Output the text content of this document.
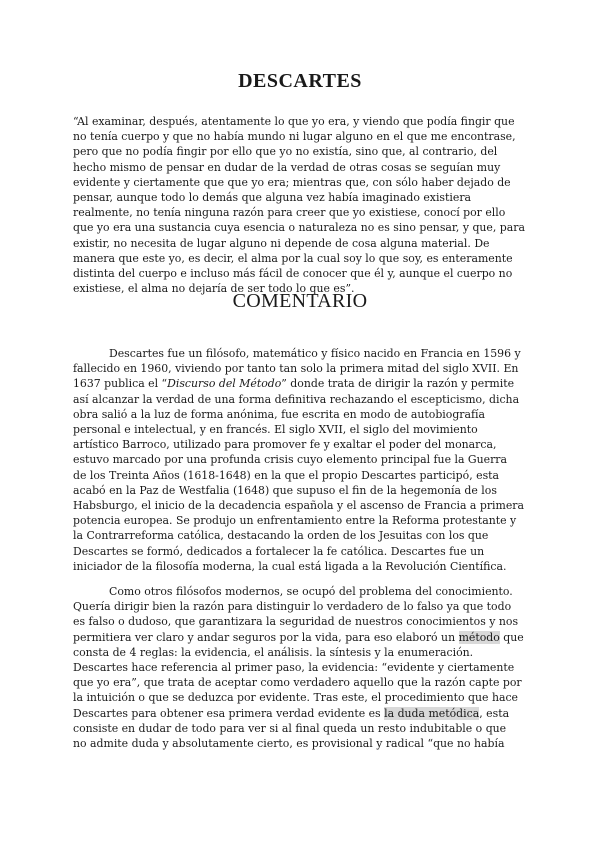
DESCARTES
“Al examinar, después, atentamente lo que yo era, y viendo que podía fingir que
no tenía cuerpo y que no había mundo ni lugar alguno en el que me encontrase,
pero que no podía fingir por ello que yo no existía, sino que, al contrario, del
hecho mismo de pensar en dudar de la verdad de otras cosas se seguían muy
evidente y ciertamente que que yo era; mientras que, con sólo haber dejado de
pensar, aunque todo lo demás que alguna vez había imaginado existiera
realmente, no tenía ninguna razón para creer que yo existiese, conocí por ello
que yo era una sustancia cuya esencia o naturaleza no es sino pensar, y que, para
existir, no necesita de lugar alguno ni depende de cosa alguna material. De
manera que este yo, es decir, el alma por la cual soy lo que soy, es enteramente
distinta del cuerpo e incluso más fácil de conocer que él y, aunque el cuerpo no
existiese, el alma no dejaría de ser todo lo que es”.
COMENTARIO
Descartes fue un filósofo, matemático y físico nacido en Francia en 1596 y
fallecido en 1960, viviendo por tanto tan solo la primera mitad del siglo XVII. En
1637 publica el “Discurso del Método” donde trata de dirigir la razón y permite
así alcanzar la verdad de una forma definitiva rechazando el escepticismo, dicha
obra salió a la luz de forma anónima, fue escrita en modo de autobiografía
personal e intelectual, y en francés. El siglo XVII, el siglo del movimiento
artístico Barroco, utilizado para promover fe y exaltar el poder del monarca,
estuvo marcado por una profunda crisis cuyo elemento principal fue la Guerra
de los Treinta Años (1618-1648) en la que el propio Descartes participó, esta
acabó en la Paz de Westfalia (1648) que supuso el fin de la hegemonía de los
Habsburgo, el inicio de la decadencia española y el ascenso de Francia a primera
potencia europea. Se produjo un enfrentamiento entre la Reforma protestante y
la Contrarreforma católica, destacando la orden de los Jesuitas con los que
Descartes se formó, dedicados a fortalecer la fe católica. Descartes fue un
iniciador de la filosofía moderna, la cual está ligada a la Revolución Científica.
Como otros filósofos modernos, se ocupó del problema del conocimiento.
Quería dirigir bien la razón para distinguir lo verdadero de lo falso ya que todo
es falso o dudoso, que garantizara la seguridad de nuestros conocimientos y nos
permitiera ver claro y andar seguros por la vida, para eso elaboró un método que
consta de 4 reglas: la evidencia, el análisis. la síntesis y la enumeración.
Descartes hace referencia al primer paso, la evidencia: “evidente y ciertamente
que yo era”, que trata de aceptar como verdadero aquello que la razón capte por
la intuición o que se deduzca por evidente. Tras este, el procedimiento que hace
Descartes para obtener esa primera verdad evidente es la duda metódica, esta
consiste en dudar de todo para ver si al final queda un resto indubitable o que
no admite duda y absolutamente cierto, es provisional y radical “que no había
